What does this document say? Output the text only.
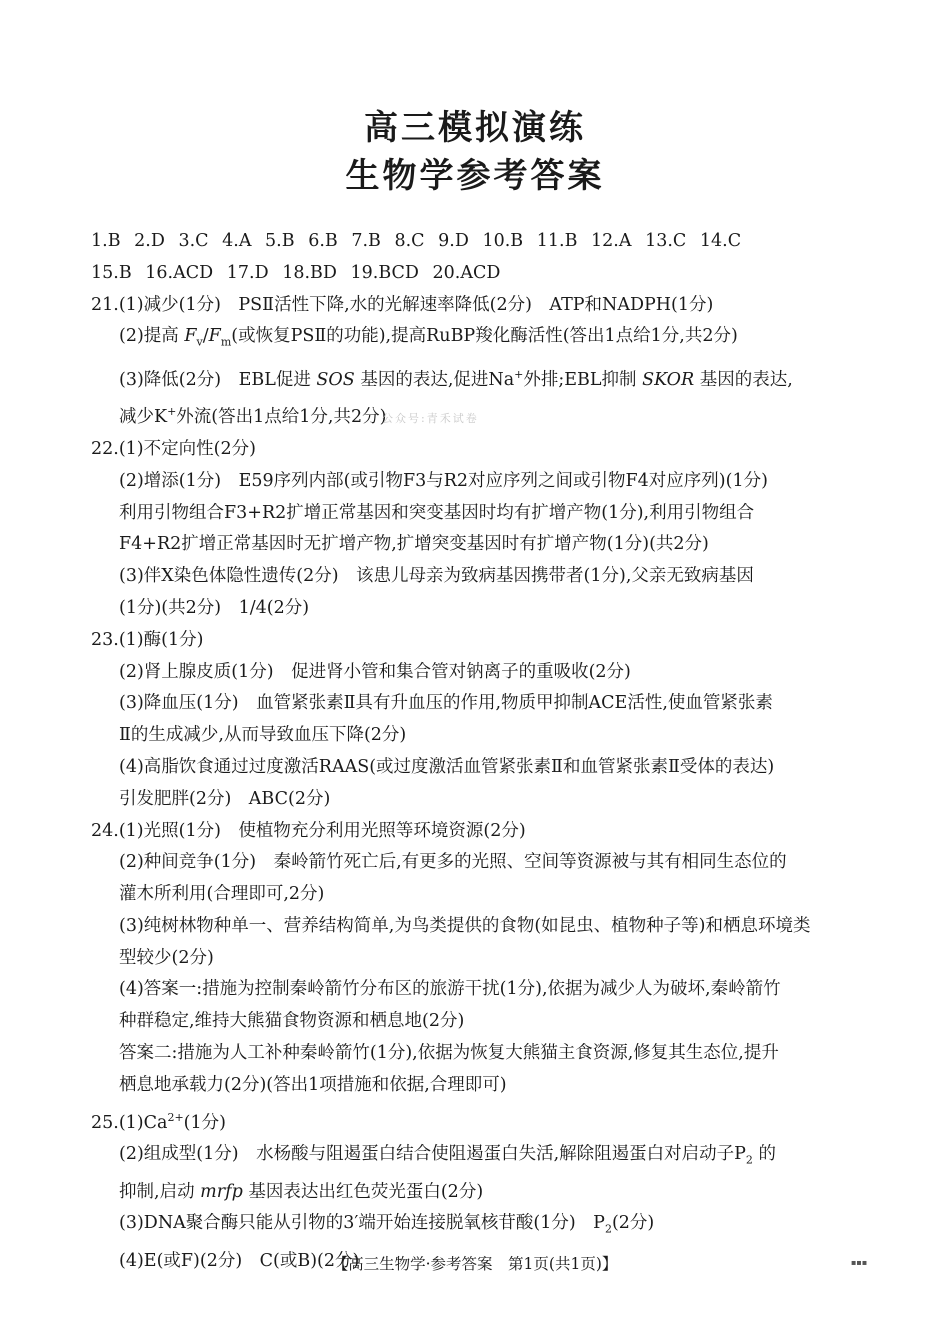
高三模拟演练
生物学参考答案
1.B 2.D 3.C 4.A 5.B 6.B 7.B 8.C 9.D 10.B 11.B 12.A 13.C 14.C
15.B 16.ACD 17.D 18.BD 19.BCD 20.ACD
21.(1)减少(1分)　PSⅡ活性下降,水的光解速率降低(2分)　ATP和NADPH(1分)
(2)提高 $F_v/F_m$(或恢复PSⅡ的功能),提高RuBP羧化酶活性(答出1点给1分,共2分)
(3)降低(2分)　EBL促进 SOS 基因的表达,促进Na+外排;EBL抑制 SKOR 基因的表达,
减少K+外流(答出1点给1分,共2分)
22.(1)不定向性(2分)
(2)增添(1分)　E59序列内部(或引物F3与R2对应序列之间或引物F4对应序列)(1分)
利用引物组合F3+R2扩增正常基因和突变基因时均有扩增产物(1分),利用引物组合
F4+R2扩增正常基因时无扩增产物,扩增突变基因时有扩增产物(1分)(共2分)
(3)伴X染色体隐性遗传(2分)　该患儿母亲为致病基因携带者(1分),父亲无致病基因
(1分)(共2分)　1/4(2分)
23.(1)酶(1分)
(2)肾上腺皮质(1分)　促进肾小管和集合管对钠离子的重吸收(2分)
(3)降血压(1分)　血管紧张素Ⅱ具有升血压的作用,物质甲抑制ACE活性,使血管紧张素
Ⅱ的生成减少,从而导致血压下降(2分)
(4)高脂饮食通过过度激活RAAS(或过度激活血管紧张素Ⅱ和血管紧张素Ⅱ受体的表达)
引发肥胖(2分)　ABC(2分)
24.(1)光照(1分)　使植物充分利用光照等环境资源(2分)
(2)种间竞争(1分)　秦岭箭竹死亡后,有更多的光照、空间等资源被与其有相同生态位的
灌木所利用(合理即可,2分)
(3)纯树林物种单一、营养结构简单,为鸟类提供的食物(如昆虫、植物种子等)和栖息环境类
型较少(2分)
(4)答案一:措施为控制秦岭箭竹分布区的旅游干扰(1分),依据为减少人为破坏,秦岭箭竹
种群稳定,维持大熊猫食物资源和栖息地(2分)
答案二:措施为人工补种秦岭箭竹(1分),依据为恢复大熊猫主食资源,修复其生态位,提升
栖息地承载力(2分)(答出1项措施和依据,合理即可)
$25.(1)Ca^{2+}(1$分)
(2)组成型(1分)　水杨酸与阻遏蛋白结合使阻遏蛋白失活,解除阻遏蛋白对启动子$P_2$ 的
抑制,启动 mrfp 基因表达出红色荧光蛋白(2分)
(3)DNA聚合酶只能从引物的3′端开始连接脱氧核苷酸(1分)　$P_2(2$分)
(4)E(或F)(2分)　C(或B)(2分)
公众号:青禾试卷
【高三生物学·参考答案　第1页(共1页)】	▪▪▪
